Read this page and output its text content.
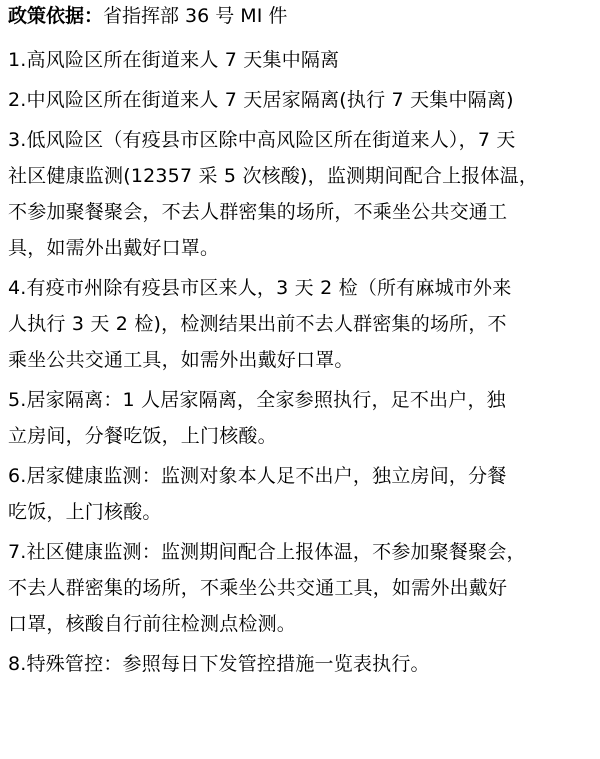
政策依据：省指挥部 36 号 MI 件
1.高风险区所在街道来人 7 天集中隔离
2.中风险区所在街道来人 7 天居家隔离(执行 7 天集中隔离)
3.低风险区（有疫县市区除中高风险区所在街道来人），7 天
社区健康监测(12357 采 5 次核酸)，监测期间配合上报体温，
不参加聚餐聚会，不去人群密集的场所，不乘坐公共交通工
具，如需外出戴好口罩。
4.有疫市州除有疫县市区来人，3 天 2 检（所有麻城市外来
人执行 3 天 2 检)，检测结果出前不去人群密集的场所，不
乘坐公共交通工具，如需外出戴好口罩。
5.居家隔离：1 人居家隔离，全家参照执行，足不出户，独
立房间，分餐吃饭，上门核酸。
6.居家健康监测：监测对象本人足不出户，独立房间，分餐
吃饭，上门核酸。
7.社区健康监测：监测期间配合上报体温，不参加聚餐聚会，
不去人群密集的场所，不乘坐公共交通工具，如需外出戴好
口罩，核酸自行前往检测点检测。
8.特殊管控：参照每日下发管控措施一览表执行。
